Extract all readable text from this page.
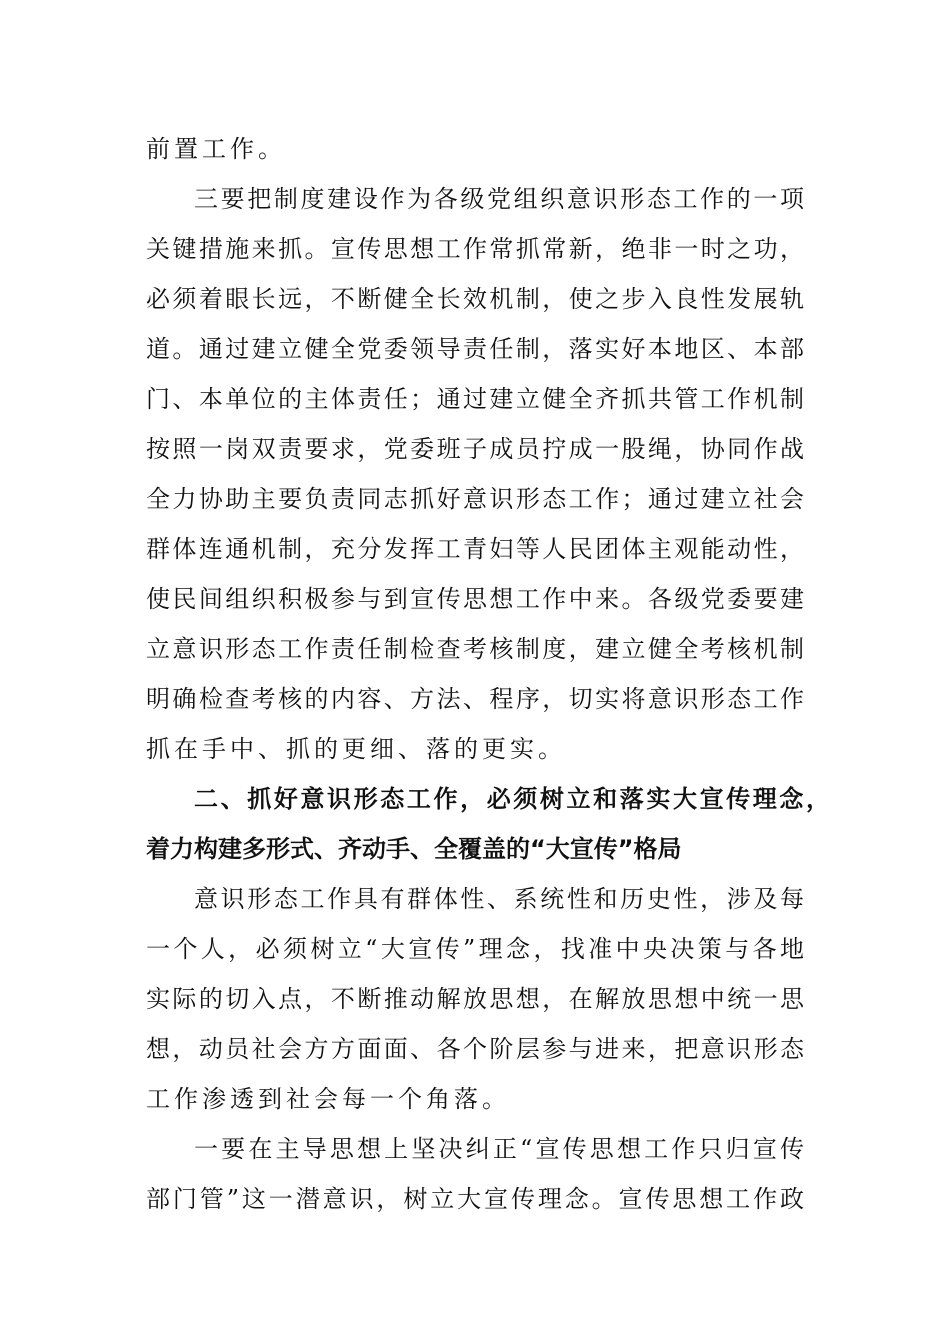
前置工作。
三要把制度建设作为各级党组织意识形态工作的一项
关键措施来抓。宣传思想工作常抓常新，绝非一时之功，
必须着眼长远，不断健全长效机制，使之步入良性发展轨
道。通过建立健全党委领导责任制，落实好本地区、本部
门、本单位的主体责任；通过建立健全齐抓共管工作机制
按照一岗双责要求，党委班子成员拧成一股绳，协同作战
全力协助主要负责同志抓好意识形态工作；通过建立社会
群体连通机制，充分发挥工青妇等人民团体主观能动性，
使民间组织积极参与到宣传思想工作中来。各级党委要建
立意识形态工作责任制检查考核制度，建立健全考核机制
明确检查考核的内容、方法、程序，切实将意识形态工作
抓在手中、抓的更细、落的更实。
二、抓好意识形态工作，必须树立和落实大宣传理念，
着力构建多形式、齐动手、全覆盖的“大宣传”格局
意识形态工作具有群体性、系统性和历史性，涉及每
一个人，必须树立“大宣传”理念，找准中央决策与各地
实际的切入点，不断推动解放思想，在解放思想中统一思
想，动员社会方方面面、各个阶层参与进来，把意识形态
工作渗透到社会每一个角落。
一要在主导思想上坚决纠正“宣传思想工作只归宣传
部门管”这一潜意识，树立大宣传理念。宣传思想工作政
